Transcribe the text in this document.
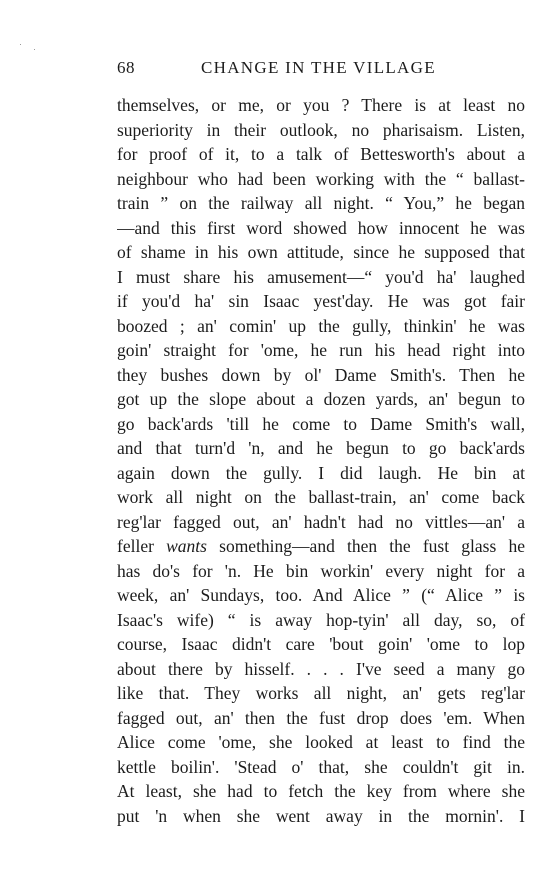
68	CHANGE IN THE VILLAGE
themselves, or me, or you ? There is at least no
superiority in their outlook, no pharisaism. Listen,
for proof of it, to a talk of Bettesworth's about a
neighbour who had been working with the “ ballast-
train ” on the railway all night. “ You,” he began
—and this first word showed how innocent he was
of shame in his own attitude, since he supposed that
I must share his amusement—“ you'd ha' laughed
if you'd ha' sin Isaac yest'day. He was got fair
boozed ; an' comin' up the gully, thinkin' he was
goin' straight for 'ome, he run his head right into
they bushes down by ol' Dame Smith's. Then he
got up the slope about a dozen yards, an' begun to
go back'ards 'till he come to Dame Smith's wall,
and that turn'd 'n, and he begun to go back'ards
again down the gully. I did laugh. He bin at
work all night on the ballast-train, an' come back
reg'lar fagged out, an' hadn't had no vittles—an' a
feller wants something—and then the fust glass he
has do's for 'n. He bin workin' every night for a
week, an' Sundays, too. And Alice ” (“ Alice ” is
Isaac's wife) “ is away hop-tyin' all day, so, of
course, Isaac didn't care 'bout goin' 'ome to lop
about there by hisself. . . . I've seed a many go
like that. They works all night, an' gets reg'lar
fagged out, an' then the fust drop does 'em. When
Alice come 'ome, she looked at least to find the
kettle boilin'. 'Stead o' that, she couldn't git in.
At least, she had to fetch the key from where she
put 'n when she went away in the mornin'. I
